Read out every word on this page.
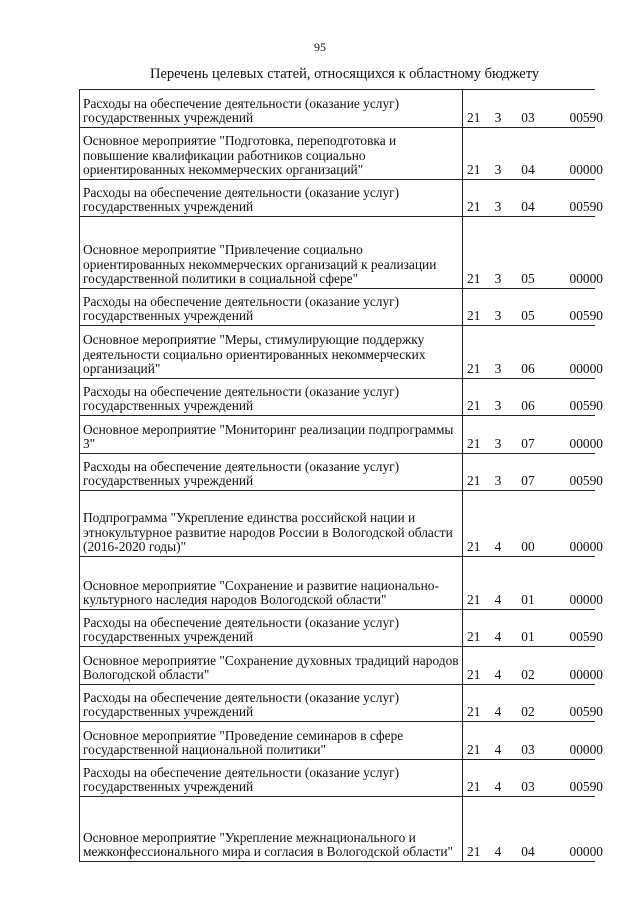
95
Перечень целевых статей, относящихся к областному бюджету
Расходы на обеспечение деятельности (оказание услуг) государственных учреждений	21 3 03 00590
Основное мероприятие "Подготовка, переподготовка и повышение квалификации работников социально ориентированных некоммерческих организаций"	21 3 04 00000
Расходы на обеспечение деятельности (оказание услуг) государственных учреждений	21 3 04 00590
Основное мероприятие "Привлечение социально ориентированных некоммерческих организаций к реализации государственной политики в социальной сфере"	21 3 05 00000
Расходы на обеспечение деятельности (оказание услуг) государственных учреждений	21 3 05 00590
Основное мероприятие "Меры, стимулирующие поддержку деятельности социально ориентированных некоммерческих организаций"	21 3 06 00000
Расходы на обеспечение деятельности (оказание услуг) государственных учреждений	21 3 06 00590
Основное мероприятие "Мониторинг реализации подпрограммы 3"	21 3 07 00000
Расходы на обеспечение деятельности (оказание услуг) государственных учреждений	21 3 07 00590
Подпрограмма "Укрепление единства российской нации и этнокультурное развитие народов России в Вологодской области (2016-2020 годы)"	21 4 00 00000
Основное мероприятие "Сохранение и развитие национально-культурного наследия народов Вологодской области"	21 4 01 00000
Расходы на обеспечение деятельности (оказание услуг) государственных учреждений	21 4 01 00590
Основное мероприятие "Сохранение духовных традиций народов Вологодской области"	21 4 02 00000
Расходы на обеспечение деятельности (оказание услуг) государственных учреждений	21 4 02 00590
Основное мероприятие "Проведение семинаров в сфере государственной национальной политики"	21 4 03 00000
Расходы на обеспечение деятельности (оказание услуг) государственных учреждений	21 4 03 00590
Основное мероприятие "Укрепление межнационального и межконфессионального мира и согласия в Вологодской области"	21 4 04 00000
